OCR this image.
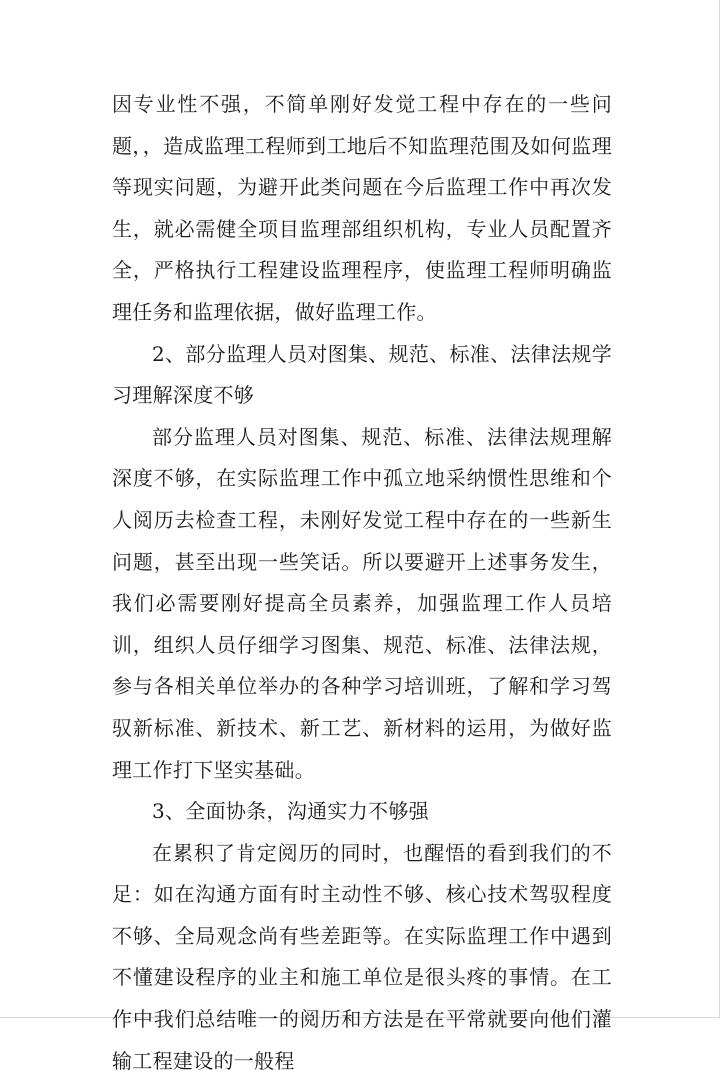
因专业性不强，不简单刚好发觉工程中存在的一些问题，，造成监理工程师到工地后不知监理范围及如何监理等现实问题，为避开此类问题在今后监理工作中再次发生，就必需健全项目监理部组织机构，专业人员配置齐全，严格执行工程建设监理程序，使监理工程师明确监理任务和监理依据，做好监理工作。

2、部分监理人员对图集、规范、标准、法律法规学习理解深度不够

部分监理人员对图集、规范、标准、法律法规理解深度不够，在实际监理工作中孤立地采纳惯性思维和个人阅历去检查工程，未刚好发觉工程中存在的一些新生问题，甚至出现一些笑话。所以要避开上述事务发生，我们必需要刚好提高全员素养，加强监理工作人员培训，组织人员仔细学习图集、规范、标准、法律法规，参与各相关单位举办的各种学习培训班，了解和学习驾驭新标准、新技术、新工艺、新材料的运用，为做好监理工作打下坚实基础。

3、全面协条，沟通实力不够强

在累积了肯定阅历的同时，也醒悟的看到我们的不足：如在沟通方面有时主动性不够、核心技术驾驭程度不够、全局观念尚有些差距等。在实际监理工作中遇到不懂建设程序的业主和施工单位是很头疼的事情。在工作中我们总结唯一的阅历和方法是在平常就要向他们灌输工程建设的一般程
